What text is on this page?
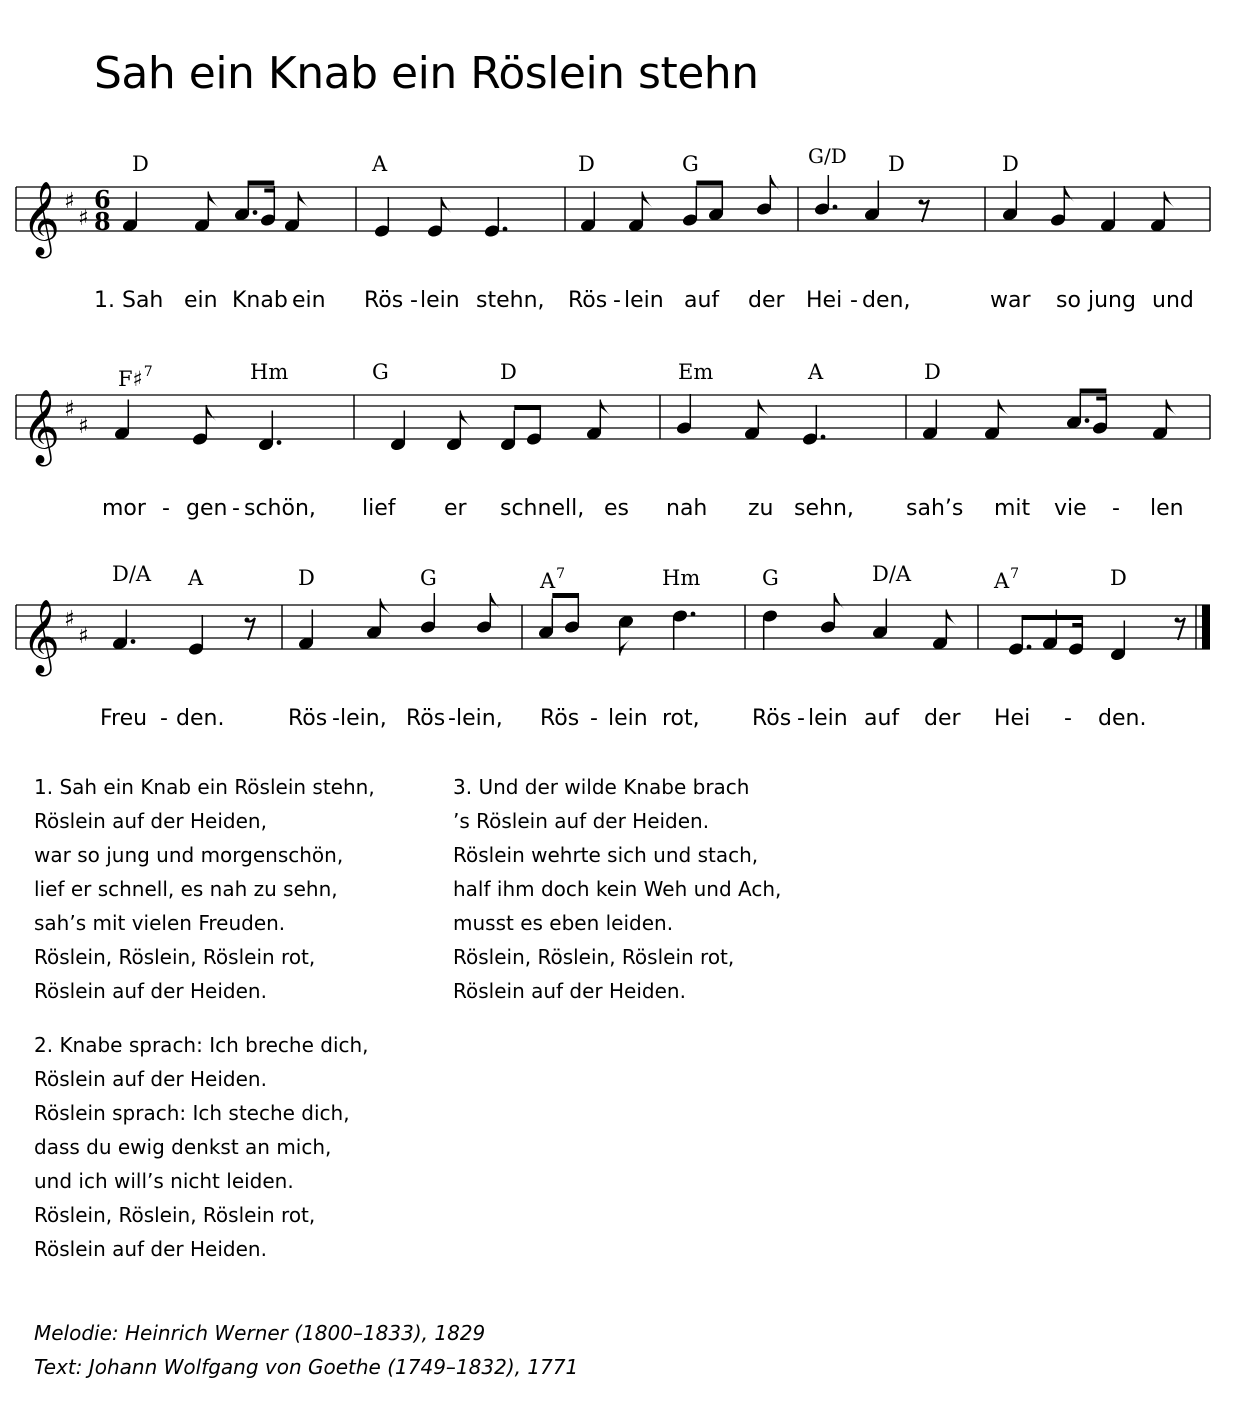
Sah ein Knab ein Röslein stehn
𝄞 ♯
♯
6
8
D	A	D	G	G/D D	D
1. Sah ein Knab ein Rös - lein stehn, Rös - lein auf der Hei - den,	war so jung und
𝄞 ♯
♯
F♯$^7$	Hm	G	D	Em	A	D
mor - gen - schön, lief er schnell, es nah zu sehn, sah’s mit vie - len
𝄞 ♯
♯
D/A A	D	G	$A^7$	Hm	G	D/A	$A^7$	D
Freu - den.	Rös - lein, Rös - lein, Rös - lein rot, Rös - lein auf der Hei - den.
1. Sah ein Knab ein Röslein stehn,
Röslein auf der Heiden,
war so jung und morgenschön,
lief er schnell, es nah zu sehn,
sah’s mit vielen Freuden.
Röslein, Röslein, Röslein rot,
Röslein auf der Heiden.
2. Knabe sprach: Ich breche dich,
Röslein auf der Heiden.
Röslein sprach: Ich steche dich,
dass du ewig denkst an mich,
und ich will’s nicht leiden.
Röslein, Röslein, Röslein rot,
Röslein auf der Heiden.
3. Und der wilde Knabe brach
’s Röslein auf der Heiden.
Röslein wehrte sich und stach,
half ihm doch kein Weh und Ach,
musst es eben leiden.
Röslein, Röslein, Röslein rot,
Röslein auf der Heiden.
Melodie: Heinrich Werner (1800–1833), 1829
Text: Johann Wolfgang von Goethe (1749–1832), 1771
